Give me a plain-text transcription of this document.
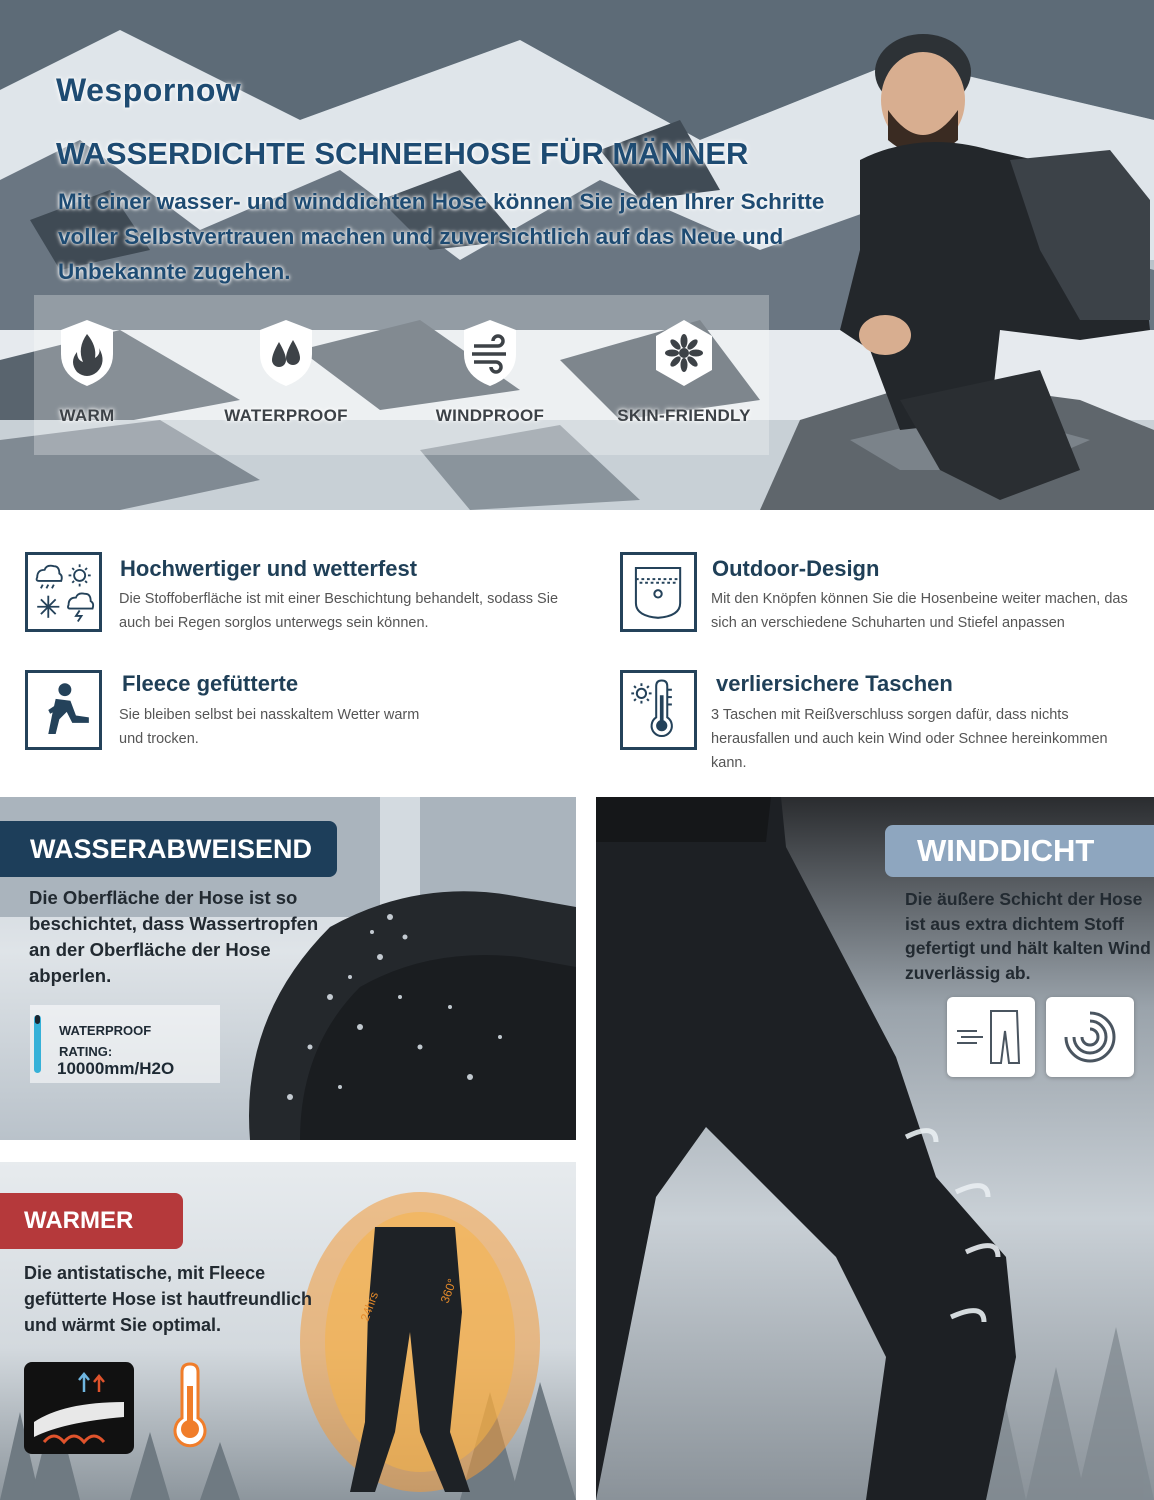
Wespornow
WASSERDICHTE SCHNEEHOSE FÜR MÄNNER
Mit einer wasser- und winddichten Hose können Sie jeden Ihrer Schritte voller Selbstvertrauen machen und zuversichtlich auf das Neue und Unbekannte zugehen.
WARM	WATERPROOF	WINDPROOF	SKIN-FRIENDLY
Hochwertiger und wetterfest
Die Stoffoberfläche ist mit einer Beschichtung behandelt, sodass Sie auch bei Regen sorglos unterwegs sein können.
Outdoor-Design
Mit den Knöpfen können Sie die Hosenbeine weiter machen, das sich an verschiedene Schuharten und Stiefel anpassen
Fleece gefütterte
Sie bleiben selbst bei nasskaltem Wetter warm und trocken.
verliersichere Taschen
3 Taschen mit Reißverschluss sorgen dafür, dass nichts herausfallen und auch kein Wind oder Schnee hereinkommen kann.
WASSERABWEISEND
Die Oberfläche der Hose ist so beschichtet, dass Wassertropfen an der Oberfläche der Hose abperlen.
WATERPROOF RATING:
10000mm/H2O
24hrs	360°
WARMER
Die antistatische, mit Fleece gefütterte Hose ist hautfreundlich und wärmt Sie optimal.
WINDDICHT
Die äußere Schicht der Hose ist aus extra dichtem Stoff gefertigt und hält kalten Wind zuverlässig ab.
